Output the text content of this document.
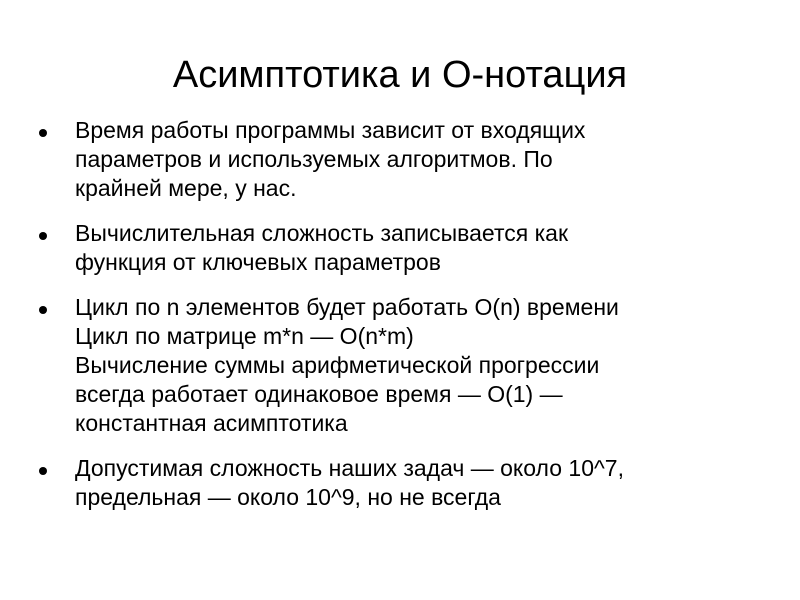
Асимптотика и O-нотация
Время работы программы зависит от входящих
параметров и используемых алгоритмов. По
крайней мере, у нас.
Вычислительная сложность записывается как
функция от ключевых параметров
Цикл по n элементов будет работать O(n) времени
Цикл по матрице m*n — O(n*m)
Вычисление суммы арифметической прогрессии
всегда работает одинаковое время — O(1) —
константная асимптотика
Допустимая сложность наших задач — около 10^7,
предельная — около 10^9, но не всегда
